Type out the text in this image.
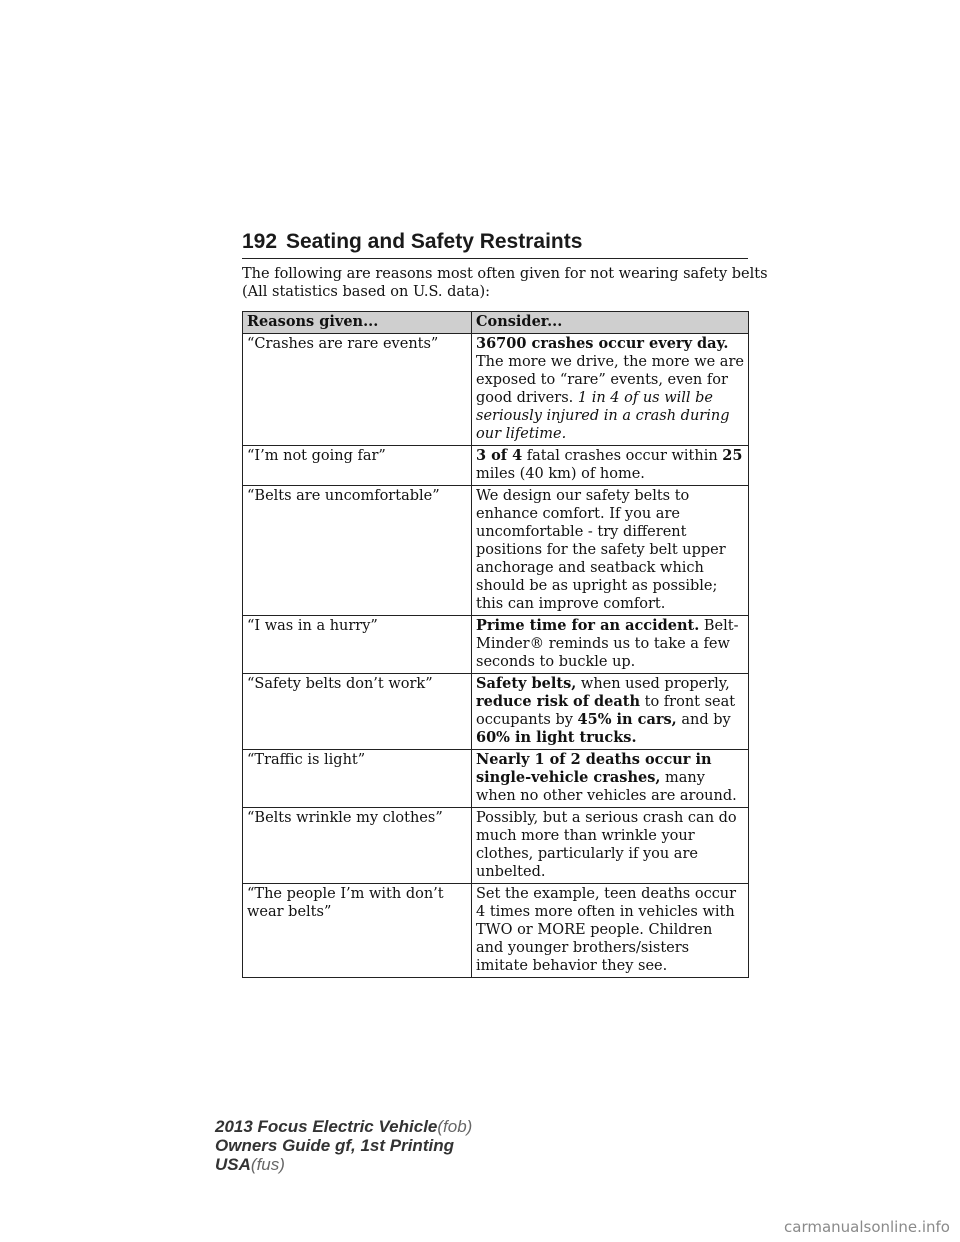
192 Seating and Safety Restraints
The following are reasons most often given for not wearing safety belts
(All statistics based on U.S. data):
Reasons given...	Consider...
“Crashes are rare events”	36700 crashes occur every day. The more we drive, the more we are exposed to “rare” events, even for good drivers. 1 in 4 of us will be seriously injured in a crash during our lifetime.
“I’m not going far”	3 of 4 fatal crashes occur within 25 miles (40 km) of home.
“Belts are uncomfortable”	We design our safety belts to enhance comfort. If you are uncomfortable - try different positions for the safety belt upper anchorage and seatback which should be as upright as possible; this can improve comfort.
“I was in a hurry”	Prime time for an accident. Belt-Minder® reminds us to take a few seconds to buckle up.
“Safety belts don’t work”	Safety belts, when used properly, reduce risk of death to front seat occupants by 45% in cars, and by 60% in light trucks.
“Traffic is light”	Nearly 1 of 2 deaths occur in single-vehicle crashes, many when no other vehicles are around.
“Belts wrinkle my clothes”	Possibly, but a serious crash can do much more than wrinkle your clothes, particularly if you are unbelted.
“The people I’m with don’t wear belts”	Set the example, teen deaths occur 4 times more often in vehicles with TWO or MORE people. Children and younger brothers/sisters imitate behavior they see.
2013 Focus Electric Vehicle(fob)
Owners Guide gf, 1st Printing
USA(fus)
carmanualsonline.info
